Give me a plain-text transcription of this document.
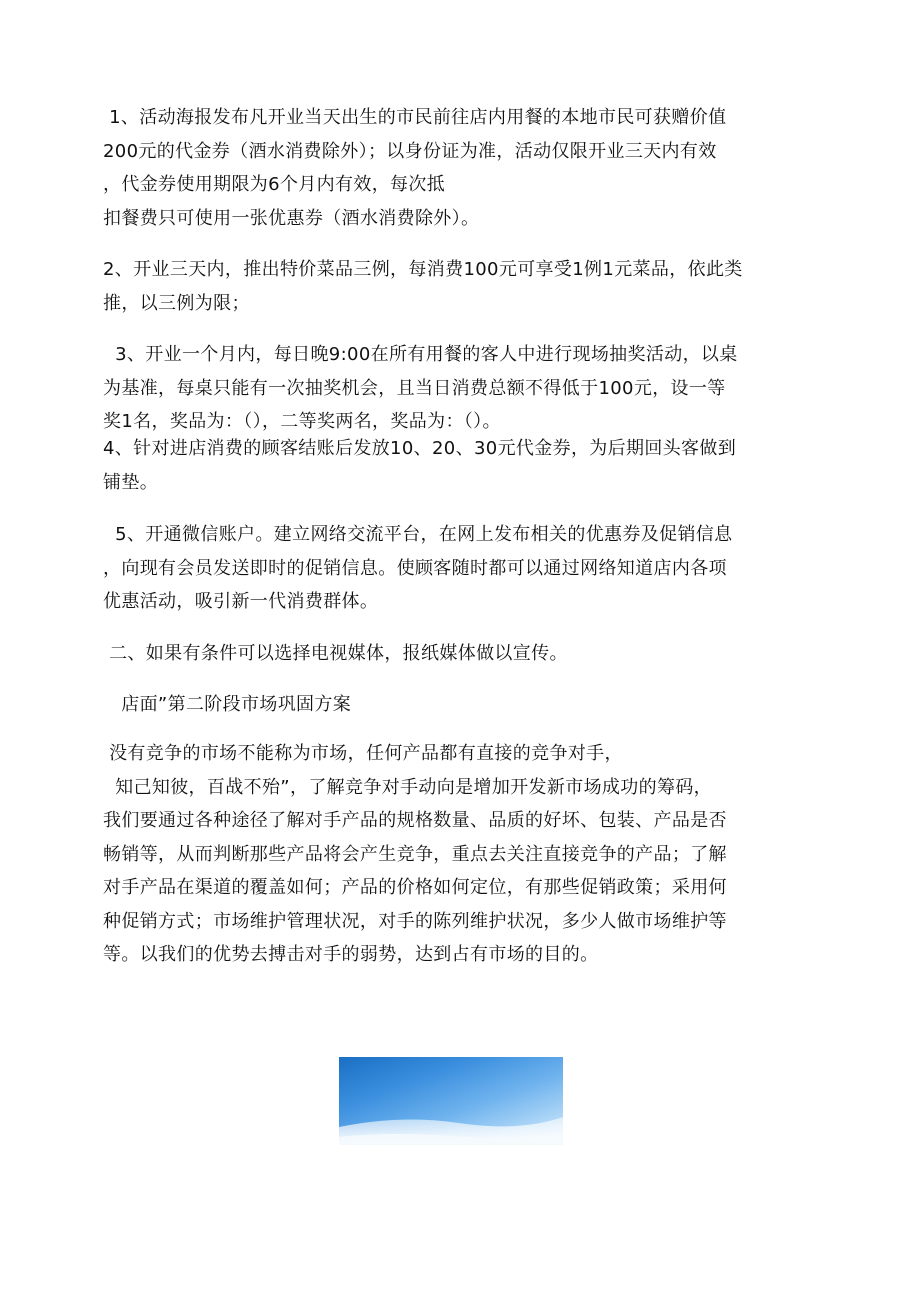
1、活动海报发布凡开业当天出生的市民前往店内用餐的本地市民可获赠价值
200元的代金券（酒水消费除外）；以身份证为准，活动仅限开业三天内有效
，代金券使用期限为6个月内有效，每次抵
扣餐费只可使用一张优惠券（酒水消费除外）。
2、开业三天内，推出特价菜品三例，每消费100元可享受1例1元菜品，依此类
推，以三例为限；
3、开业一个月内，每日晚9:00在所有用餐的客人中进行现场抽奖活动，以桌
为基准，每桌只能有一次抽奖机会，且当日消费总额不得低于100元，设一等
奖1名，奖品为：（），二等奖两名，奖品为：（）。
4、针对进店消费的顾客结账后发放10、20、30元代金券，为后期回头客做到
铺垫。
5、开通微信账户。建立网络交流平台，在网上发布相关的优惠券及促销信息
，向现有会员发送即时的促销信息。使顾客随时都可以通过网络知道店内各项
优惠活动，吸引新一代消费群体。
二、如果有条件可以选择电视媒体，报纸媒体做以宣传。
店面”第二阶段市场巩固方案
没有竞争的市场不能称为市场，任何产品都有直接的竞争对手，
知己知彼，百战不殆”，了解竞争对手动向是增加开发新市场成功的筹码，
我们要通过各种途径了解对手产品的规格数量、品质的好坏、包装、产品是否
畅销等，从而判断那些产品将会产生竞争，重点去关注直接竞争的产品；了解
对手产品在渠道的覆盖如何；产品的价格如何定位，有那些促销政策；采用何
种促销方式；市场维护管理状况，对手的陈列维护状况，多少人做市场维护等
等。以我们的优势去搏击对手的弱势，达到占有市场的目的。
